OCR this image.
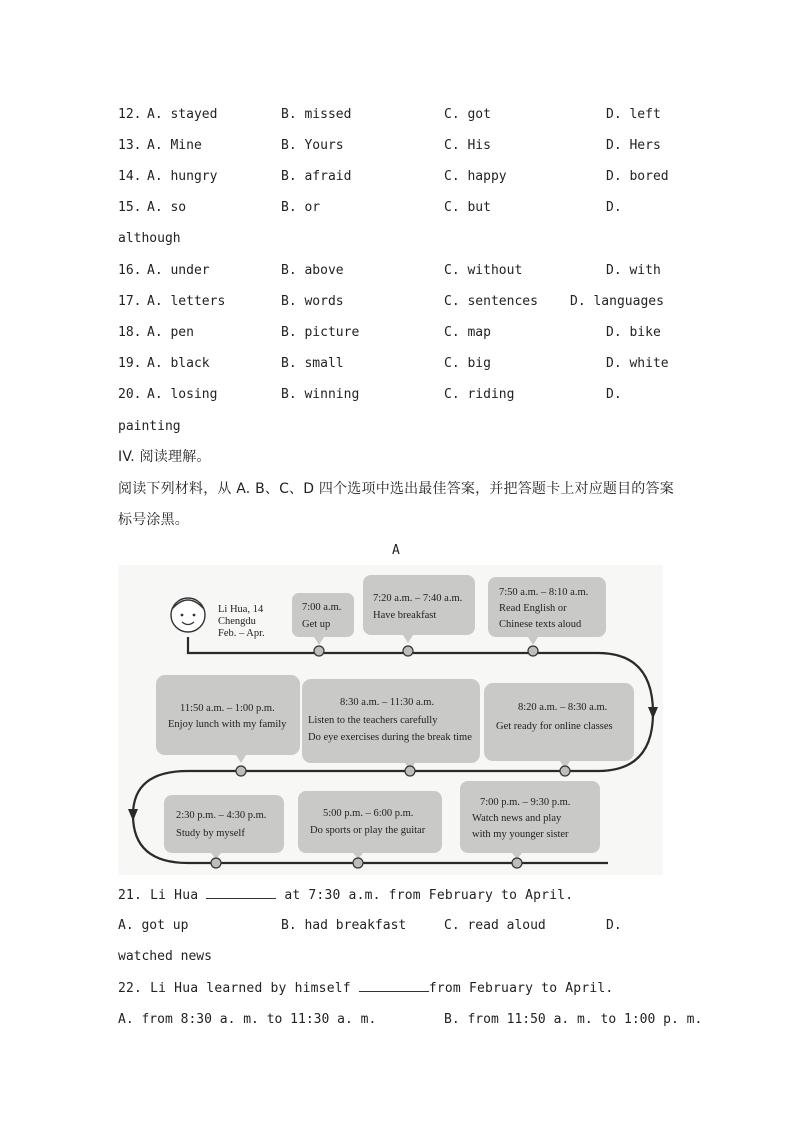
12. A. stayed	B. missed	C. got	D. left
13. A. Mine	B. Yours	C. His	D. Hers
14. A. hungry	B. afraid	C. happy	D. bored
15. A. so	B. or	C. but	D.
although
16. A. under	B. above	C. without	D. with
17. A. letters	B. words	C. sentences D. languages
18. A. pen	B. picture	C. map	D. bike
19. A. black	B. small	C. big	D. white
20. A. losing	B. winning	C. riding	D.
painting
IV. 阅读理解。
阅读下列材料，从 A. B、C、D 四个选项中选出最佳答案，并把答题卡上对应题目的答案
标号涂黑。
A
Li Hua, 14
Chengdu
Feb. – Apr.
7:00 a.m.
Get up
7:20 a.m. – 7:40 a.m.
Have breakfast
7:50 a.m. – 8:10 a.m.
Read English or
Chinese texts aloud
11:50 a.m. – 1:00 p.m.
Enjoy lunch with my family
8:30 a.m. – 11:30 a.m.
Listen to the teachers carefully
Do eye exercises during the break time
8:20 a.m. – 8:30 a.m.
Get ready for online classes
2:30 p.m. – 4:30 p.m.
Study by myself
5:00 p.m. – 6:00 p.m.
Do sports or play the guitar
7:00 p.m. – 9:30 p.m.
Watch news and play
with my younger sister
21. Li Hua	at 7:30 a.m. from February to April.
A. got up	B. had breakfast	C. read aloud	D.
watched news
22. Li Hua learned by himself	from February to April.
A. from 8:30 a. m. to 11:30 a. m.	B. from 11:50 a. m. to 1:00 p. m.
